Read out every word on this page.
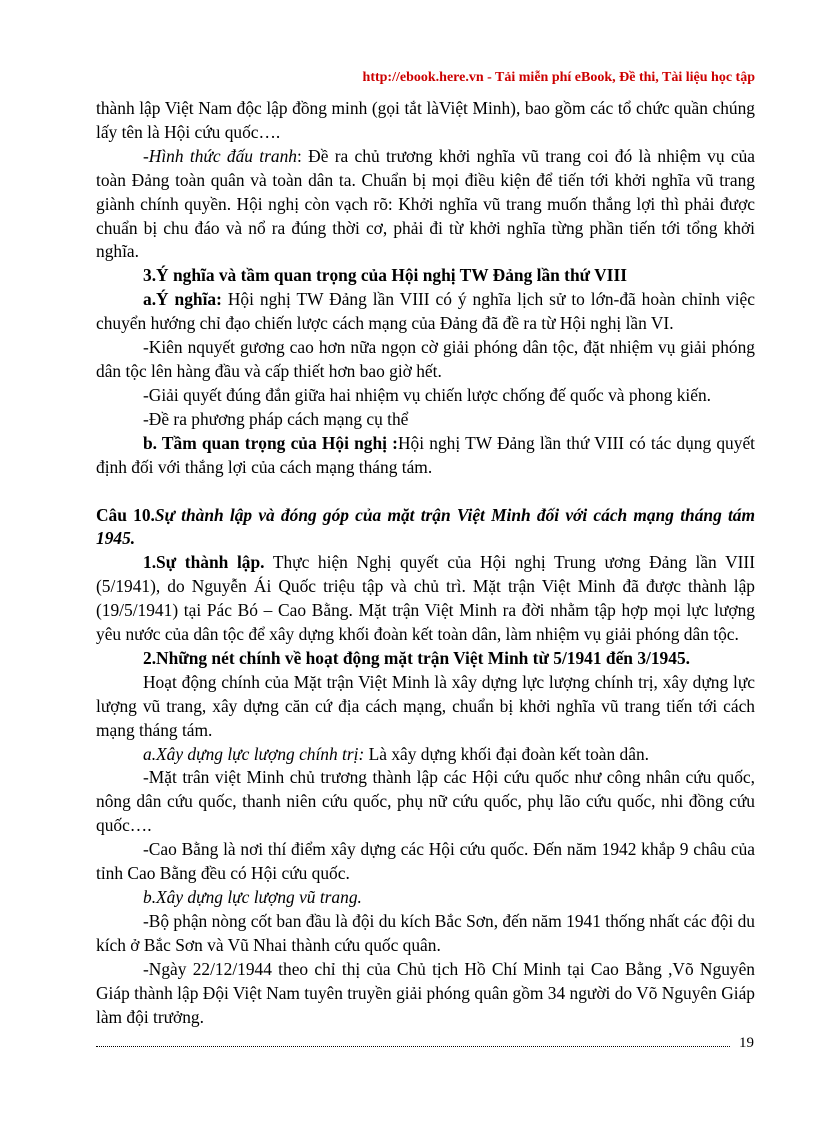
http://ebook.here.vn - Tải miễn phí eBook, Đề thi, Tài liệu học tập

thành lập Việt Nam độc lập đồng minh (gọi tắt làViệt Minh), bao gồm các tổ chức quần chúng lấy tên là Hội cứu quốc….

-Hình thức đấu tranh: Đề ra chủ trương khởi nghĩa vũ trang coi đó là nhiệm vụ của toàn Đảng toàn quân và toàn dân ta. Chuẩn bị mọi điều kiện để tiến tới khởi nghĩa vũ trang giành chính quyền. Hội nghị còn vạch rõ: Khởi nghĩa vũ trang muốn thắng lợi thì phải được chuẩn bị chu đáo và nổ ra đúng thời cơ, phải đi từ khởi nghĩa từng phần tiến tới tổng khởi nghĩa.

3.Ý nghĩa và tầm quan trọng của Hội nghị TW Đảng lần thứ VIII

a.Ý nghĩa: Hội nghị TW Đảng lần VIII có ý nghĩa lịch sử to lớn-đã hoàn chỉnh việc chuyển hướng chỉ đạo chiến lược cách mạng của Đảng đã đề ra từ Hội nghị lần VI.

-Kiên nquyết gương cao hơn nữa ngọn cờ giải phóng dân tộc, đặt nhiệm vụ giải phóng dân tộc lên hàng đầu và cấp thiết hơn bao giờ hết.

-Giải quyết đúng đắn giữa hai nhiệm vụ chiến lược chống đế quốc và phong kiến.

-Đề ra phương pháp cách mạng cụ thể

b. Tầm quan trọng của Hội nghị :Hội nghị TW Đảng lần thứ VIII có tác dụng quyết định đối với thắng lợi của cách mạng tháng tám.

Câu 10.Sự thành lập và đóng góp của mặt trận Việt Minh đối với cách mạng tháng tám 1945.

1.Sự thành lập. Thực hiện Nghị quyết của Hội nghị Trung ương Đảng lần VIII (5/1941), do Nguyễn Ái Quốc triệu tập và chủ trì. Mặt trận Việt Minh đã được thành lập (19/5/1941) tại Pác Bó – Cao Bằng. Mặt trận Việt Minh ra đời nhằm tập hợp mọi lực lượng yêu nước của dân tộc để xây dựng khối đoàn kết toàn dân, làm nhiệm vụ giải phóng dân tộc.

2.Những nét chính về hoạt động mặt trận Việt Minh từ 5/1941 đến 3/1945.

Hoạt động chính của Mặt trận Việt Minh là xây dựng lực lượng chính trị, xây dựng lực lượng vũ trang, xây dựng căn cứ địa cách mạng, chuẩn bị khởi nghĩa vũ trang tiến tới cách mạng tháng tám.

a.Xây dựng lực lượng chính trị: Là xây dựng khối đại đoàn kết toàn dân.

-Mặt trân việt Minh chủ trương thành lập các Hội cứu quốc như công nhân cứu quốc, nông dân cứu quốc, thanh niên cứu quốc, phụ nữ cứu quốc, phụ lão cứu quốc, nhi đồng cứu quốc….

-Cao Bằng là nơi thí điểm xây dựng các Hội cứu quốc. Đến năm 1942 khắp 9 châu của tỉnh Cao Bằng đều có Hội cứu quốc.

b.Xây dựng lực lượng vũ trang.

-Bộ phận nòng cốt ban đầu là đội du kích Bắc Sơn, đến năm 1941 thống nhất các đội du kích ở Bắc Sơn và Vũ Nhai thành cứu quốc quân.

-Ngày 22/12/1944 theo chỉ thị của Chủ tịch Hồ Chí Minh tại Cao Bằng ,Võ Nguyên Giáp thành lập Đội Việt Nam tuyên truyền giải phóng quân gồm 34 người do Võ Nguyên Giáp làm đội trưởng.

19
